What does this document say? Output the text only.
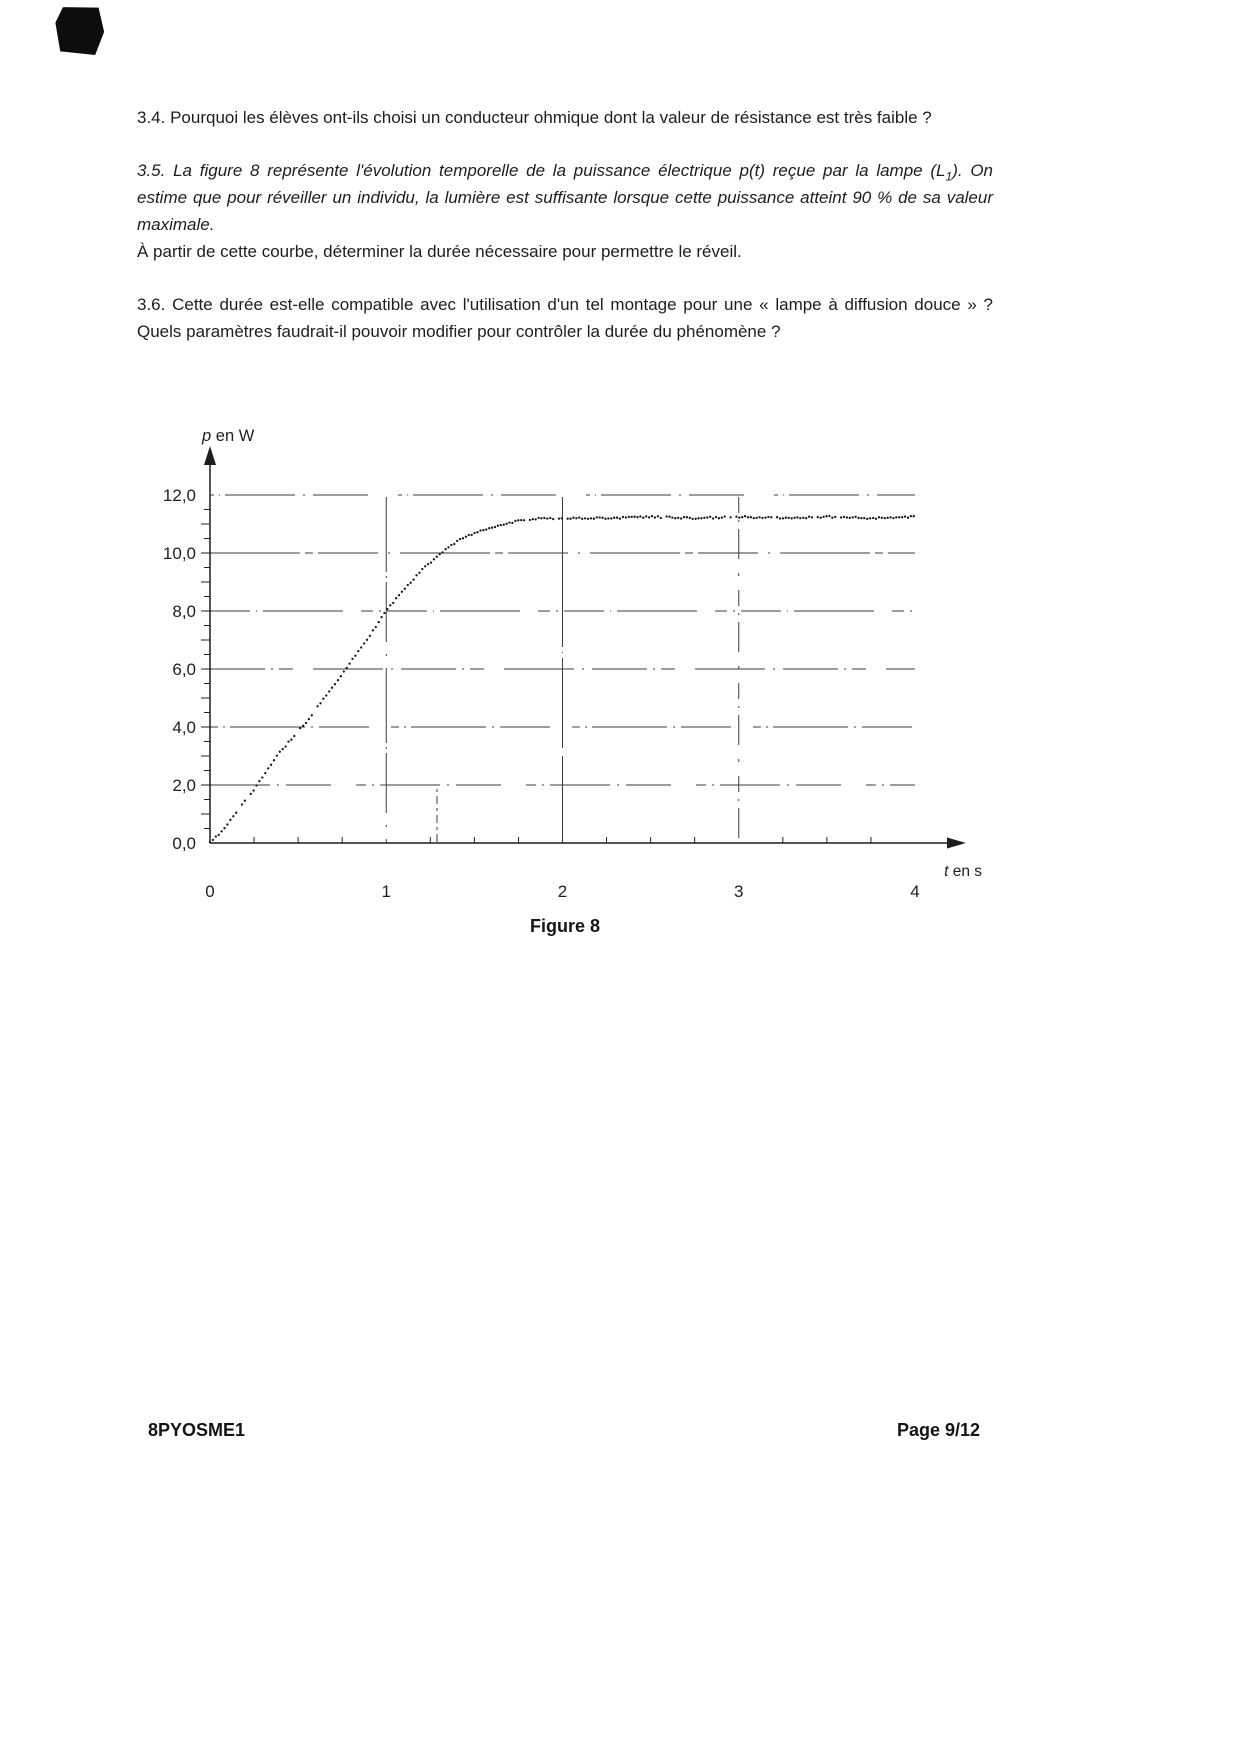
3.4. Pourquoi les élèves ont-ils choisi un conducteur ohmique dont la valeur de résistance est très faible ?

3.5. La figure 8 représente l'évolution temporelle de la puissance électrique p(t) reçue par la lampe $(L_1)$. On estime que pour réveiller un individu, la lumière est suffisante lorsque cette puissance atteint 90 % de sa valeur maximale.

À partir de cette courbe, déterminer la durée nécessaire pour permettre le réveil.

3.6. Cette durée est-elle compatible avec l'utilisation d'un tel montage pour une « lampe à diffusion douce » ? Quels paramètres faudrait-il pouvoir modifier pour contrôler la durée du phénomène ?

0,0
2,0
4,0
6,0
8,0
10,0
12,0
0	1	2	3	4
p en W
t en s
Figure 8
8PYOSME1	Page 9/12
